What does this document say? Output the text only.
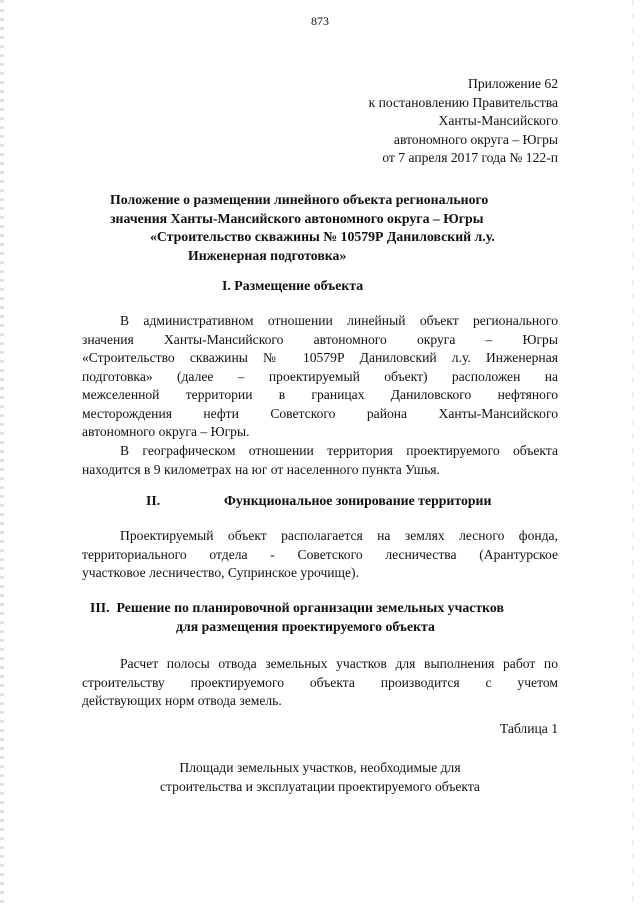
873
Приложение 62
к постановлению Правительства
Ханты-Мансийского
автономного округа – Югры
от 7 апреля 2017 года № 122-п
Положение о размещении линейного объекта регионального
значения Ханты-Мансийского автономного округа – Югры
«Строительство скважины № 10579Р Даниловский л.у.
Инженерная подготовка»
I. Размещение объекта
В административном отношении линейный объект регионального
значения Ханты-Мансийского автономного округа – Югры
«Строительство скважины № 10579Р Даниловский л.у. Инженерная
подготовка» (далее – проектируемый объект) расположен на
межселенной территории в границах Даниловского нефтяного
месторождения нефти Советского района Ханты-Мансийского
автономного округа – Югры.
В географическом отношении территория проектируемого объекта
находится в 9 километрах на юг от населенного пункта Ушья.
II.	Функциональное зонирование территории
Проектируемый объект располагается на землях лесного фонда,
территориального отдела - Советского лесничества (Арантурское
участковое лесничество, Супринское урочище).
III.  Решение по планировочной организации земельных участков
для размещения проектируемого объекта
Расчет полосы отвода земельных участков для выполнения работ по
строительству проектируемого объекта производится с учетом
действующих норм отвода земель.
Таблица 1
Площади земельных участков, необходимые для
строительства и эксплуатации проектируемого объекта
